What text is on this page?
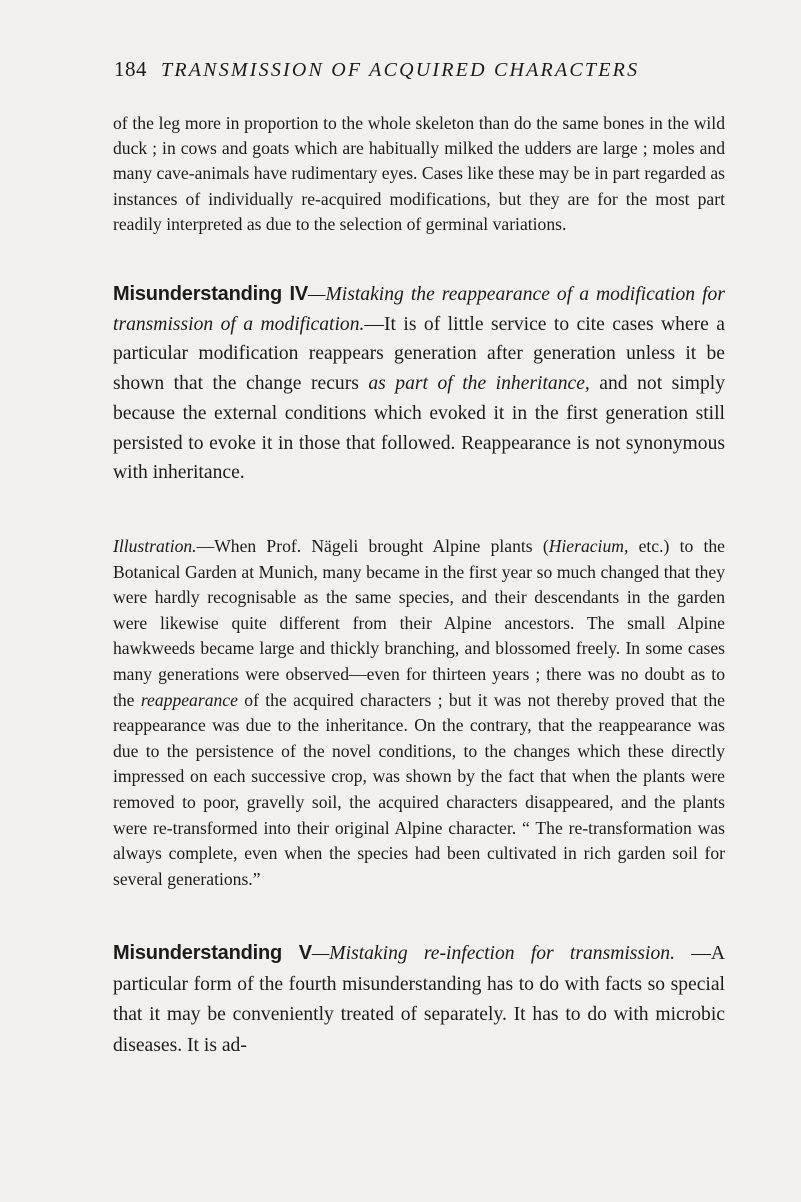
184 TRANSMISSION OF ACQUIRED CHARACTERS

of the leg more in proportion to the whole skeleton than do the same bones in the wild duck ; in cows and goats which are habitually milked the udders are large ; moles and many cave-animals have rudimentary eyes. Cases like these may be in part regarded as instances of individually re-acquired modifications, but they are for the most part readily interpreted as due to the selection of germinal variations.

Misunderstanding IV—Mistaking the reappearance of a modification for transmission of a modification.—It is of little service to cite cases where a particular modification reappears generation after generation unless it be shown that the change recurs as part of the inheritance, and not simply because the external conditions which evoked it in the first generation still persisted to evoke it in those that followed. Reappearance is not synonymous with inheritance.

Illustration.—When Prof. Nägeli brought Alpine plants (Hieracium, etc.) to the Botanical Garden at Munich, many became in the first year so much changed that they were hardly recognisable as the same species, and their descendants in the garden were likewise quite different from their Alpine ancestors. The small Alpine hawkweeds became large and thickly branching, and blossomed freely. In some cases many generations were observed—even for thirteen years ; there was no doubt as to the reappearance of the acquired characters ; but it was not thereby proved that the reappearance was due to the inheritance. On the contrary, that the reappearance was due to the persistence of the novel conditions, to the changes which these directly impressed on each successive crop, was shown by the fact that when the plants were removed to poor, gravelly soil, the acquired characters disappeared, and the plants were re-transformed into their original Alpine character. “ The re-transformation was always complete, even when the species had been cultivated in rich garden soil for several generations.”

Misunderstanding V—Mistaking re-infection for transmission. —A particular form of the fourth misunderstanding has to do with facts so special that it may be conveniently treated of separately. It has to do with microbic diseases. It is ad-
